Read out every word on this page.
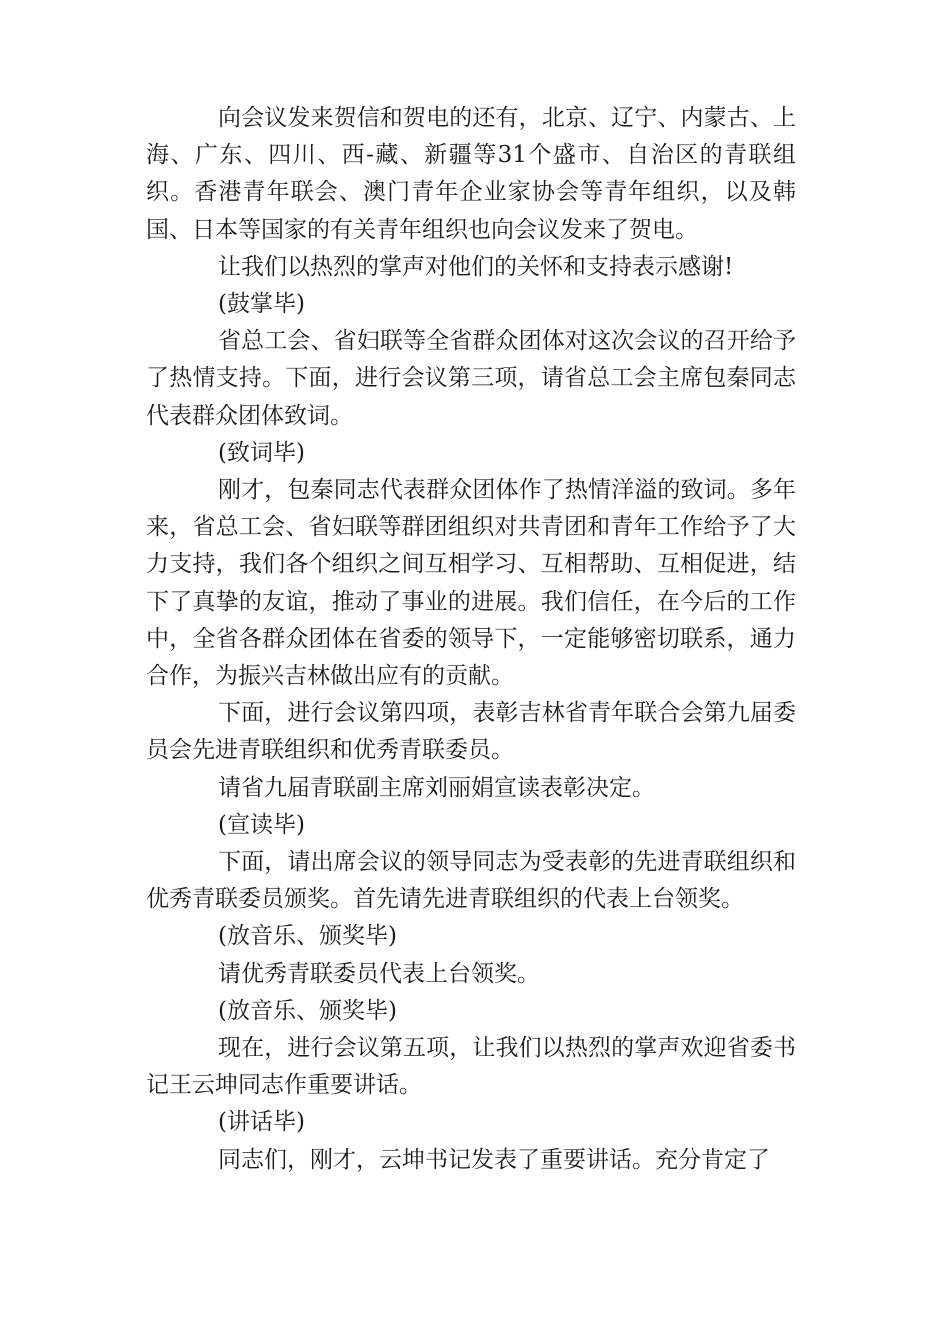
向会议发来贺信和贺电的还有，北京、辽宁、内蒙古、上海、广东、四川、西-藏、新疆等31个盛市、自治区的青联组织。香港青年联会、澳门青年企业家协会等青年组织，以及韩国、日本等国家的有关青年组织也向会议发来了贺电。

让我们以热烈的掌声对他们的关怀和支持表示感谢!

(鼓掌毕)

省总工会、省妇联等全省群众团体对这次会议的召开给予了热情支持。下面，进行会议第三项，请省总工会主席包秦同志代表群众团体致词。

(致词毕)

刚才，包秦同志代表群众团体作了热情洋溢的致词。多年来，省总工会、省妇联等群团组织对共青团和青年工作给予了大力支持，我们各个组织之间互相学习、互相帮助、互相促进，结下了真挚的友谊，推动了事业的进展。我们信任，在今后的工作中，全省各群众团体在省委的领导下，一定能够密切联系，通力合作，为振兴吉林做出应有的贡献。

下面，进行会议第四项，表彰吉林省青年联合会第九届委员会先进青联组织和优秀青联委员。

请省九届青联副主席刘丽娟宣读表彰决定。

(宣读毕)

下面，请出席会议的领导同志为受表彰的先进青联组织和优秀青联委员颁奖。首先请先进青联组织的代表上台领奖。

(放音乐、颁奖毕)

请优秀青联委员代表上台领奖。

(放音乐、颁奖毕)

现在，进行会议第五项，让我们以热烈的掌声欢迎省委书记王云坤同志作重要讲话。

(讲话毕)

同志们，刚才，云坤书记发表了重要讲话。充分肯定了
